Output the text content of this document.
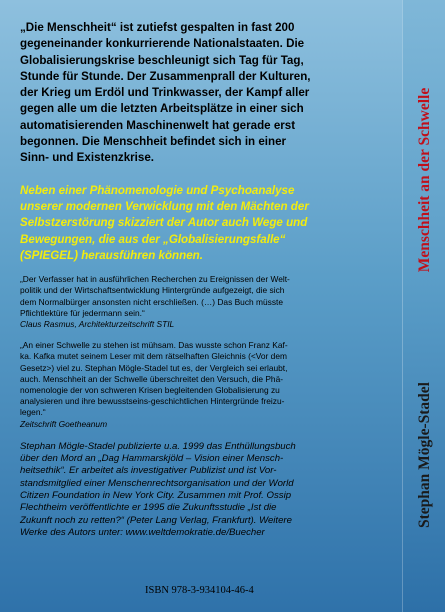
„Die Menschheit“ ist zutiefst gespalten in fast 200
gegeneinander konkurrierende Nationalstaaten. Die
Globalisierungskrise beschleunigt sich Tag für Tag,
Stunde für Stunde. Der Zusammenprall der Kulturen,
der Krieg um Erdöl und Trinkwasser, der Kampf aller
gegen alle um die letzten Arbeitsplätze in einer sich
automatisierenden Maschinenwelt hat gerade erst
begonnen. Die Menschheit befindet sich in einer
Sinn- und Existenzkrise.

Neben einer Phänomenologie und Psychoanalyse
unserer modernen Verwicklung mit den Mächten der
Selbstzerstörung skizziert der Autor auch Wege und
Bewegungen, die aus der „Globalisierungsfalle“
(SPIEGEL) herausführen können.

„Der Verfasser hat in ausführlichen Recherchen zu Ereignissen der Welt-
politik und der Wirtschaftsentwicklung Hintergründe aufgezeigt, die sich
dem Normalbürger ansonsten nicht erschließen. (…) Das Buch müsste
Pflichtlektüre für jedermann sein.“

Claus Rasmus, Architekturzeitschrift STIL

„An einer Schwelle zu stehen ist mühsam. Das wusste schon Franz Kaf-
ka. Kafka mutet seinem Leser mit dem rätselhaften Gleichnis (<Vor dem
Gesetz>) viel zu. Stephan Mögle-Stadel tut es, der Vergleich sei erlaubt,
auch. Menschheit an der Schwelle überschreitet den Versuch, die Phä-
nomenologie der von schweren Krisen begleitenden Globalisierung zu
analysieren und ihre bewusstseins-geschichtlichen Hintergründe freizu-
legen.“

Zeitschrift Goetheanum

Stephan Mögle-Stadel publizierte u.a. 1999 das Enthüllungsbuch
über den Mord an „Dag Hammarskjöld – Vision einer Mensch-
heitsethik“. Er arbeitet als investigativer Publizist und ist Vor-
standsmitglied einer Menschenrechtsorganisation und der World
Citizen Foundation in New York City. Zusammen mit Prof. Ossip
Flechtheim veröffentlichte er 1995 die Zukunftsstudie „Ist die
Zukunft noch zu retten?“ (Peter Lang Verlag, Frankfurt). Weitere
Werke des Autors unter: www.weltdemokratie.de/Buecher
ISBN 978-3-934104-46-4
Menschheit an der Schwelle
Stephan Mögle-Stadel
